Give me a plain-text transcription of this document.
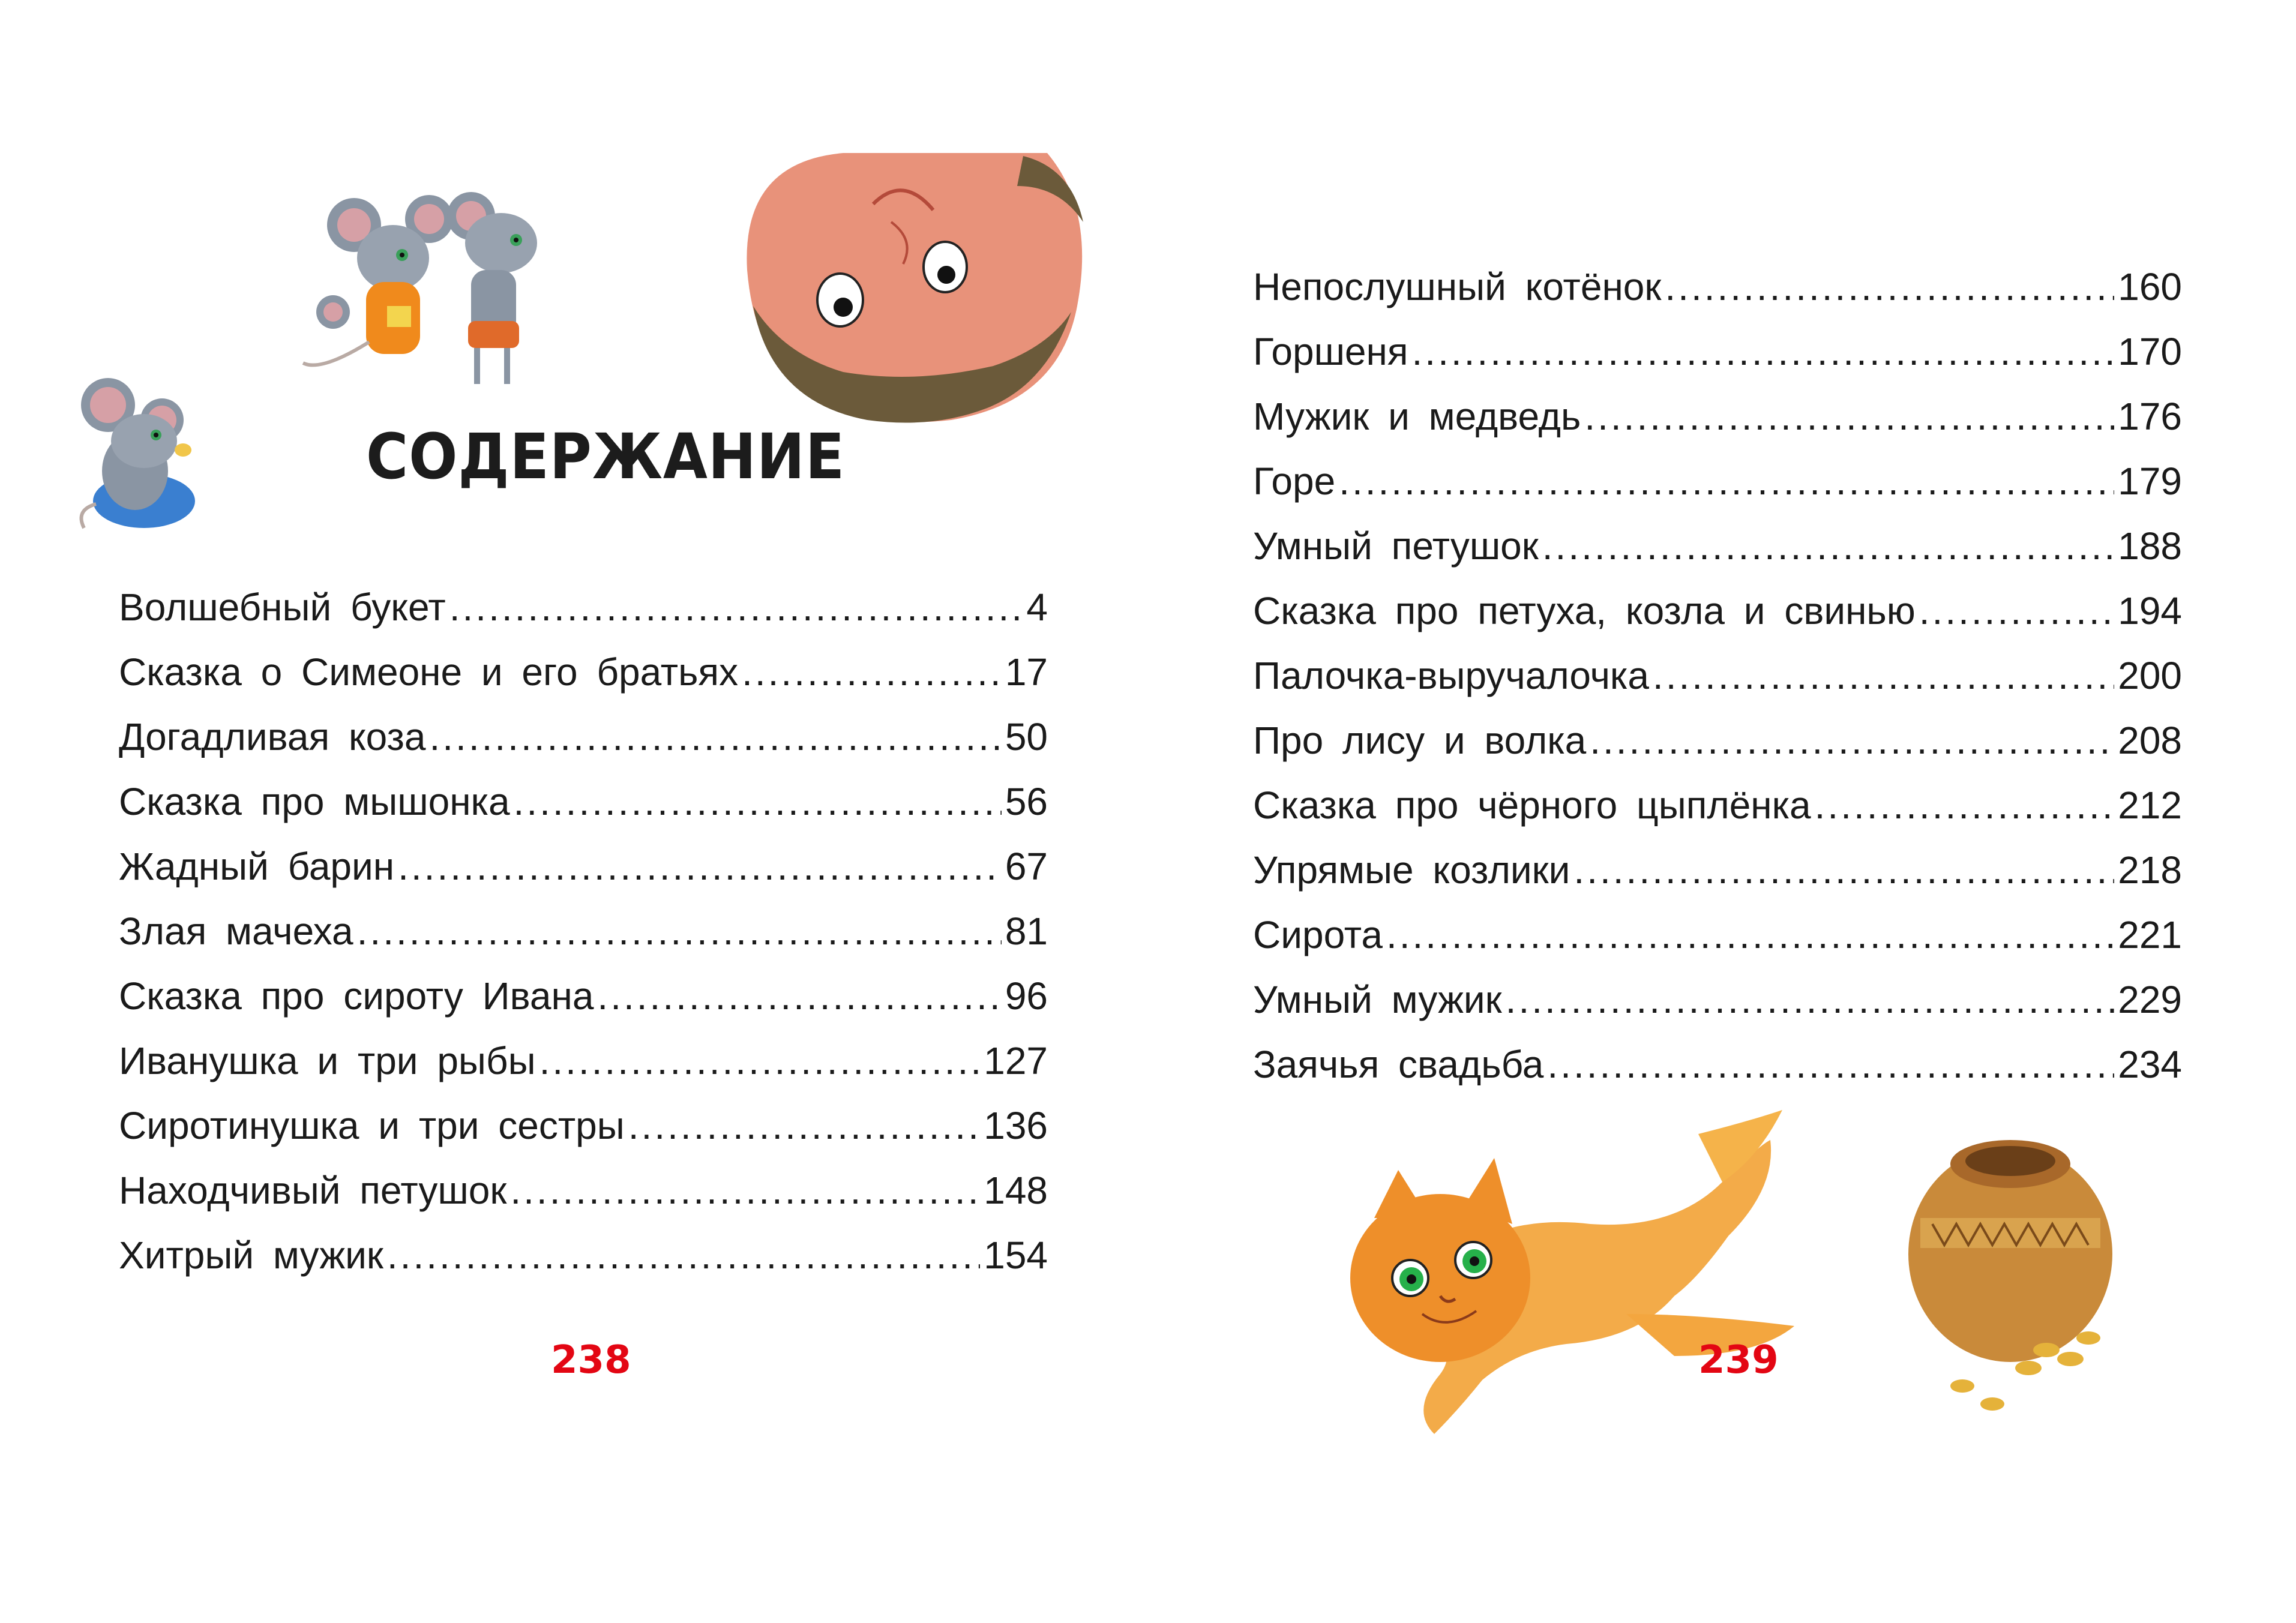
СОДЕРЖАНИЕ
Волшебный букет .....	4
Сказка о Симеоне и его братьях .....	17
Догадливая коза .....	50
Сказка про мышонка .....	56
Жадный барин .....	67
Злая мачеха .....	81
Сказка про сироту Ивана .....	96
Иванушка и три рыбы .....	127
Сиротинушка и три сестры .....	136
Находчивый петушок .....	148
Хитрый мужик .....	154
238
Непослушный котёнок .....	160
Горшеня .....	170
Мужик и медведь .....	176
Горе .....	179
Умный петушок .....	188
Сказка про петуха, козла и свинью .....	194
Палочка-выручалочка .....	200
Про лису и волка .....	208
Сказка про чёрного цыплёнка .....	212
Упрямые козлики .....	218
Сирота .....	221
Умный мужик .....	229
Заячья свадьба .....	234
239
